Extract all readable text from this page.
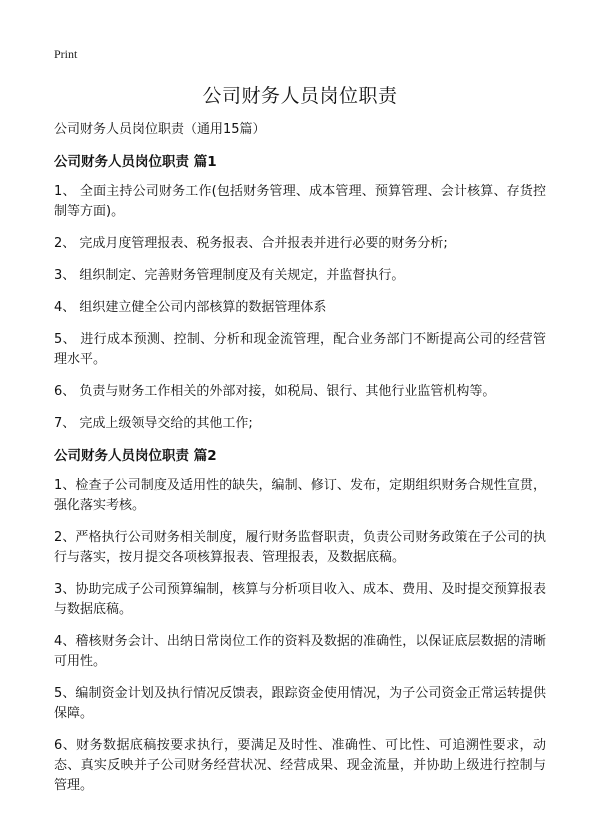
Print
公司财务人员岗位职责
公司财务人员岗位职责（通用15篇）
公司财务人员岗位职责 篇1

1、 全面主持公司财务工作(包括财务管理、成本管理、预算管理、会计核算、存货控制等方面)。

2、 完成月度管理报表、税务报表、合并报表并进行必要的财务分析;

3、 组织制定、完善财务管理制度及有关规定，并监督执行。

4、 组织建立健全公司内部核算的数据管理体系

5、 进行成本预测、控制、分析和现金流管理，配合业务部门不断提高公司的经营管理水平。

6、 负责与财务工作相关的外部对接，如税局、银行、其他行业监管机构等。

7、 完成上级领导交给的其他工作;

公司财务人员岗位职责 篇2

1、检查子公司制度及适用性的缺失，编制、修订、发布，定期组织财务合规性宣贯，强化落实考核。

2、严格执行公司财务相关制度，履行财务监督职责，负责公司财务政策在子公司的执行与落实，按月提交各项核算报表、管理报表，及数据底稿。

3、协助完成子公司预算编制，核算与分析项目收入、成本、费用、及时提交预算报表与数据底稿。

4、稽核财务会计、出纳日常岗位工作的资料及数据的准确性，以保证底层数据的清晰可用性。

5、编制资金计划及执行情况反馈表，跟踪资金使用情况，为子公司资金正常运转提供保障。

6、财务数据底稿按要求执行，要满足及时性、准确性、可比性、可追溯性要求，动态、真实反映并子公司财务经营状况、经营成果、现金流量，并协助上级进行控制与管理。
